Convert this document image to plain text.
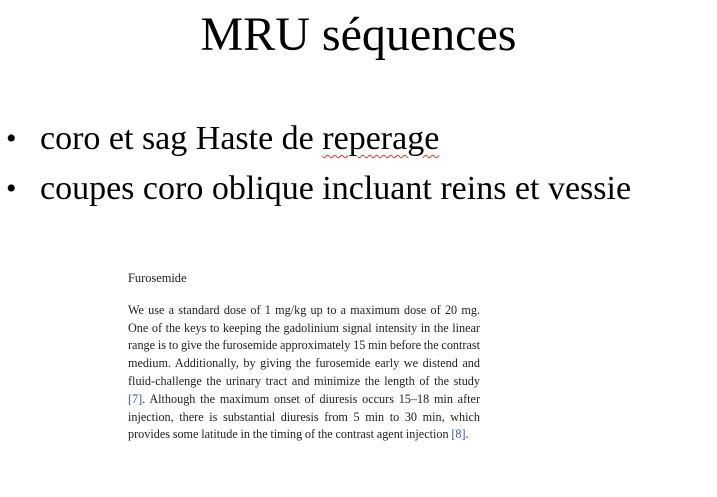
MRU séquences
• coro et sag Haste de reperage
• coupes coro oblique incluant reins et vessie

Furosemide

We use a standard dose of 1 mg/kg up to a maximum dose of 20 mg. One of the keys to keeping the gadolinium signal intensity in the linear range is to give the furosemide approximately 15 min before the contrast medium. Additionally, by giving the furosemide early we distend and fluid-challenge the urinary tract and minimize the length of the study [7]. Although the maximum onset of diuresis occurs 15–18 min after injection, there is substantial diuresis from 5 min to 30 min, which provides some latitude in the timing of the contrast agent injection [8].
